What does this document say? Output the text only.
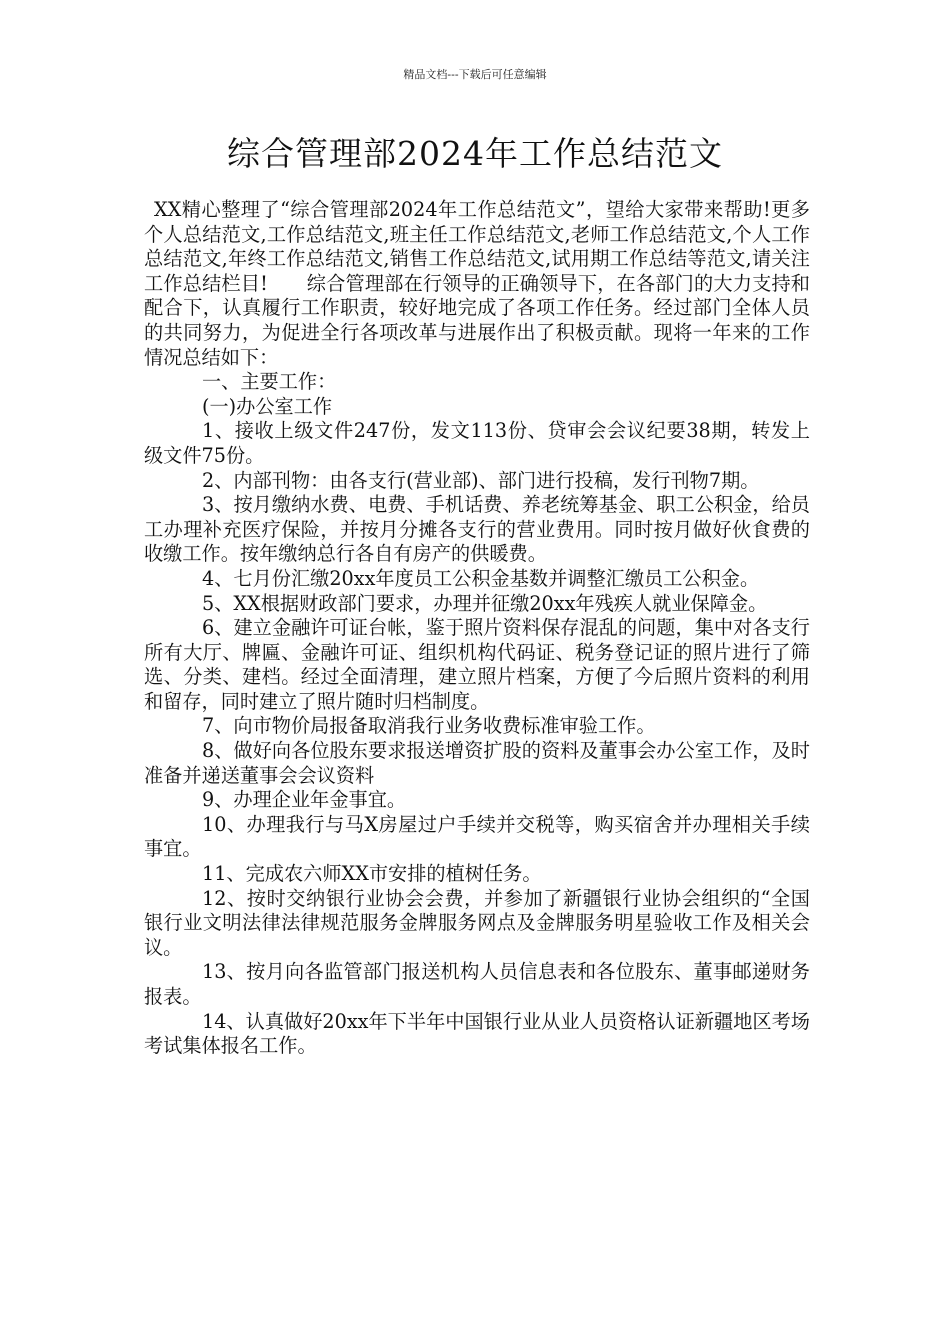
精品文档---下载后可任意编辑
综合管理部2024年工作总结范文

XX精心整理了“综合管理部2024年工作总结范文”，望给大家带来帮助!更多个人总结范文,工作总结范文,班主任工作总结范文,老师工作总结范文,个人工作总结范文,年终工作总结范文,销售工作总结范文,试用期工作总结等范文,请关注工作总结栏目!　　综合管理部在行领导的正确领导下，在各部门的大力支持和配合下，认真履行工作职责，较好地完成了各项工作任务。经过部门全体人员的共同努力，为促进全行各项改革与进展作出了积极贡献。现将一年来的工作情况总结如下：

一、主要工作：

(一)办公室工作

1、接收上级文件247份，发文113份、贷审会会议纪要38期，转发上级文件75份。

2、内部刊物：由各支行(营业部)、部门进行投稿，发行刊物7期。

3、按月缴纳水费、电费、手机话费、养老统筹基金、职工公积金，给员工办理补充医疗保险，并按月分摊各支行的营业费用。同时按月做好伙食费的收缴工作。按年缴纳总行各自有房产的供暖费。

4、七月份汇缴20xx年度员工公积金基数并调整汇缴员工公积金。

5、XX根据财政部门要求，办理并征缴20xx年残疾人就业保障金。

6、建立金融许可证台帐，鉴于照片资料保存混乱的问题，集中对各支行所有大厅、牌匾、金融许可证、组织机构代码证、税务登记证的照片进行了筛选、分类、建档。经过全面清理，建立照片档案，方便了今后照片资料的利用和留存，同时建立了照片随时归档制度。

7、向市物价局报备取消我行业务收费标准审验工作。

8、做好向各位股东要求报送增资扩股的资料及董事会办公室工作，及时准备并递送董事会会议资料

9、办理企业年金事宜。

10、办理我行与马X房屋过户手续并交税等，购买宿舍并办理相关手续事宜。

11、完成农六师XX市安排的植树任务。

12、按时交纳银行业协会会费，并参加了新疆银行业协会组织的“全国银行业文明法律法律规范服务金牌服务网点及金牌服务明星验收工作及相关会议。

13、按月向各监管部门报送机构人员信息表和各位股东、董事邮递财务报表。

14、认真做好20xx年下半年中国银行业从业人员资格认证新疆地区考场考试集体报名工作。
